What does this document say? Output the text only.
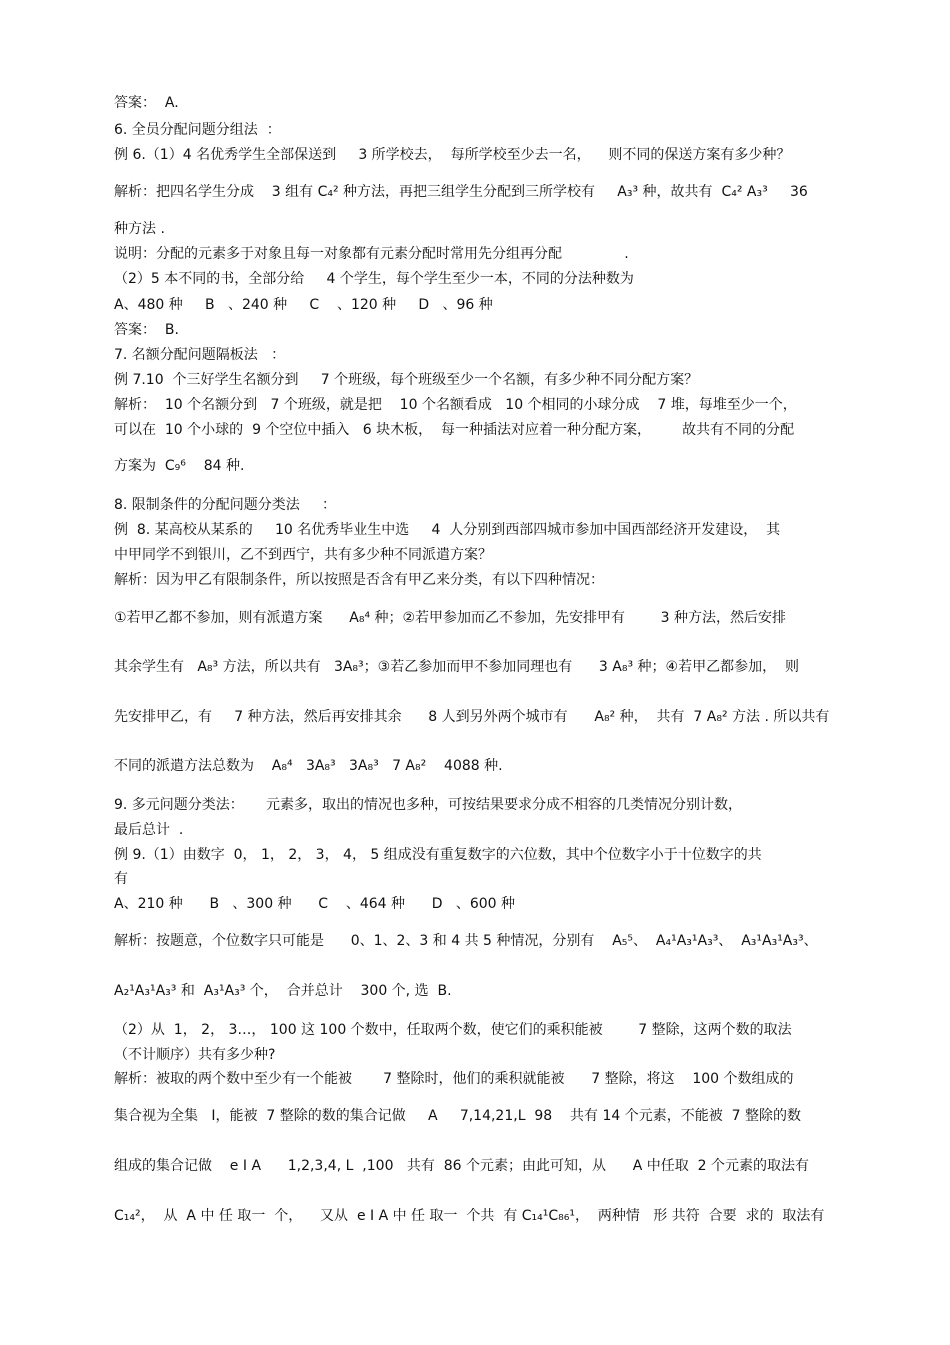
答案：  A.
6. 全员分配问题分组法  ：
例 6.（1）4 名优秀学生全部保送到     3 所学校去，  每所学校至少去一名，    则不同的保送方案有多少种？
解析：把四名学生分成    3 组有 C₄² 种方法，再把三组学生分配到三所学校有     A₃³ 种，故共有  C₄² A₃³     36
种方法 .
说明：分配的元素多于对象且每一对象都有元素分配时常用先分组再分配              .
（2）5 本不同的书，全部分给     4 个学生，每个学生至少一本，不同的分法种数为
A、480 种     B   、240 种     C    、120 种     D   、96 种
答案：  B.
7. 名额分配问题隔板法   ：
例 7.10  个三好学生名额分到     7 个班级，每个班级至少一个名额，有多少种不同分配方案？
解析：  10 个名额分到   7 个班级，就是把    10 个名额看成   10 个相同的小球分成    7 堆，每堆至少一个，
可以在  10 个小球的  9 个空位中插入   6 块木板，  每一种插法对应着一种分配方案，       故共有不同的分配
方案为  C₉⁶    84 种.
8. 限制条件的分配问题分类法     ：
例  8. 某高校从某系的     10 名优秀毕业生中选     4  人分别到西部四城市参加中国西部经济开发建设，  其
中甲同学不到银川，乙不到西宁，共有多少种不同派遣方案？
解析：因为甲乙有限制条件，所以按照是否含有甲乙来分类，有以下四种情况：
①若甲乙都不参加，则有派遣方案      A₈⁴ 种；②若甲参加而乙不参加，先安排甲有        3 种方法，然后安排
其余学生有   A₈³ 方法，所以共有   3A₈³；③若乙参加而甲不参加同理也有      3 A₈³ 种；④若甲乙都参加，  则
先安排甲乙，有     7 种方法，然后再安排其余      8 人到另外两个城市有      A₈² 种，  共有  7 A₈² 方法 . 所以共有
不同的派遣方法总数为    A₈⁴   3A₈³   3A₈³   7 A₈²    4088 种.
9. 多元问题分类法：     元素多，取出的情况也多种，可按结果要求分成不相容的几类情况分别计数，
最后总计  .
例 9.（1）由数字  0， 1， 2， 3， 4， 5 组成没有重复数字的六位数，其中个位数字小于十位数字的共
有
A、210 种      B   、300 种      C    、464 种      D   、600 种
解析：按题意，个位数字只可能是      0、1、2、3 和 4 共 5 种情况，分别有    A₅⁵、  A₄¹A₃¹A₃³、  A₃¹A₃¹A₃³、
A₂¹A₃¹A₃³ 和  A₃¹A₃³ 个，  合并总计    300 个, 选  B.
（2）从  1， 2， 3…， 100 这 100 个数中，任取两个数，使它们的乘积能被        7 整除，这两个数的取法
（不计顺序）共有多少种?
解析：被取的两个数中至少有一个能被       7 整除时，他们的乘积就能被      7 整除，将这    100 个数组成的
集合视为全集   I，能被  7 整除的数的集合记做     A     7,14,21,L  98    共有 14 个元素，不能被  7 整除的数
组成的集合记做    e I A      1,2,3,4, L  ,100   共有  86 个元素；由此可知，从      A 中任取  2 个元素的取法有
C₁₄²，  从  A 中 任 取一  个，    又从  e I A 中 任 取一  个共  有 C₁₄¹C₈₆¹，  两种情   形 共符  合要  求的  取法有
